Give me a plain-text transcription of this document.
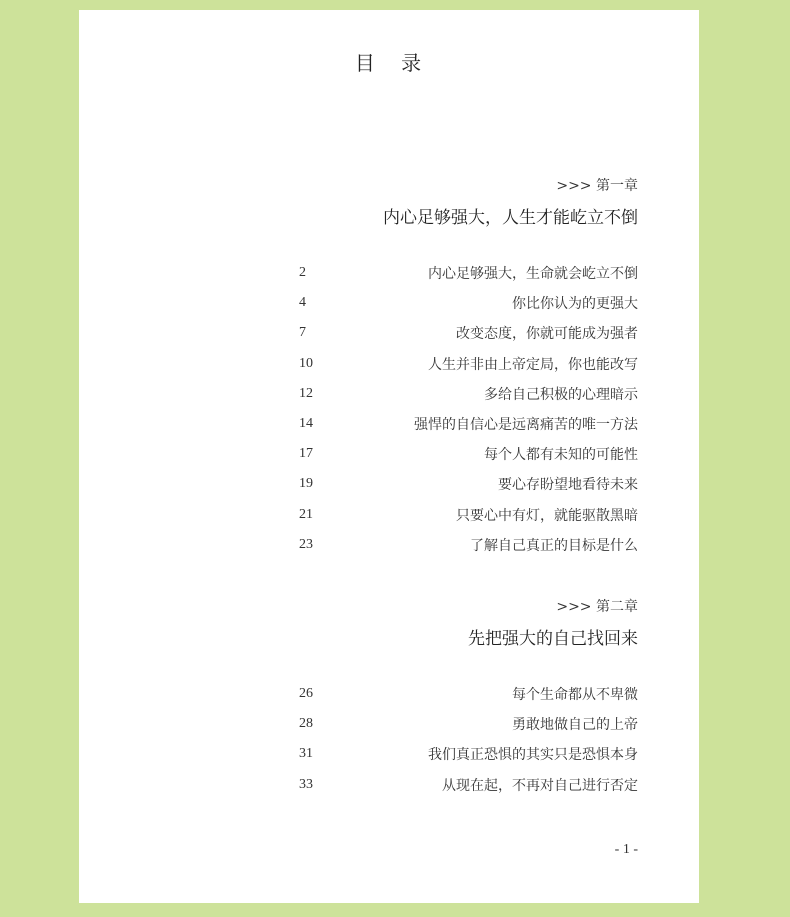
目 录
>>> 第一章
内心足够强大，人生才能屹立不倒
2	内心足够强大，生命就会屹立不倒
4	你比你认为的更强大
7	改变态度，你就可能成为强者
10	人生并非由上帝定局，你也能改写
12	多给自己积极的心理暗示
14	强悍的自信心是远离痛苦的唯一方法
17	每个人都有未知的可能性
19	要心存盼望地看待未来
21	只要心中有灯，就能驱散黑暗
23	了解自己真正的目标是什么
>>> 第二章
先把强大的自己找回来
26	每个生命都从不卑微
28	勇敢地做自己的上帝
31	我们真正恐惧的其实只是恐惧本身
33	从现在起，不再对自己进行否定
- 1 -
